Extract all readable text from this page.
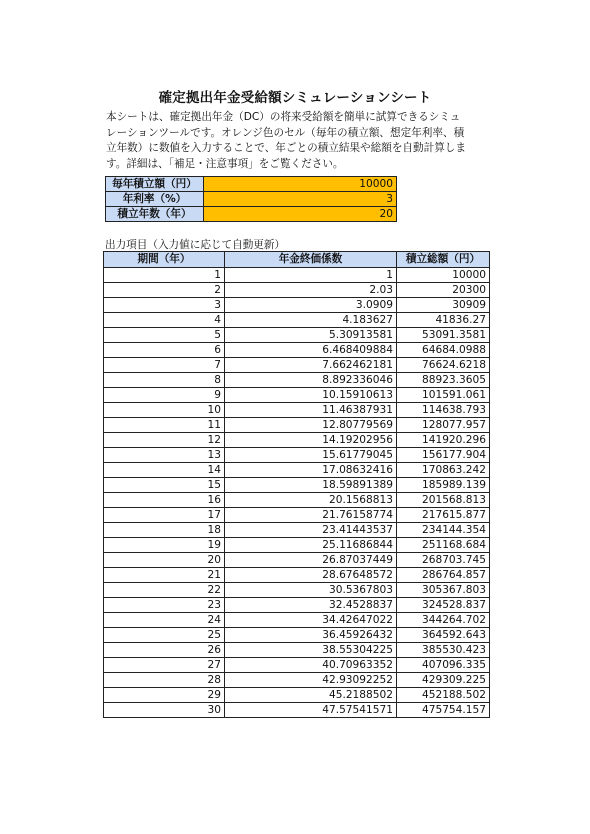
確定拠出年金受給額シミュレーションシート

本シートは、確定拠出年金（DC）の将来受給額を簡単に試算できるシミュ

レーションツールです。オレンジ色のセル（毎年の積立額、想定年利率、積

立年数）に数値を入力することで、年ごとの積立結果や総額を自動計算しま

す。詳細は、「補足・注意事項」をご覧ください。

毎年積立額（円）	10000
年利率（%）	3
積立年数（年）	20
出力項目（入力値に応じて自動更新）
期間（年）	年金終価係数	積立総額（円）
1	1	10000
2	2.03	20300
3	3.0909	30909
4	4.183627	41836.27
5	5.30913581	53091.3581
6	6.468409884	64684.0988
7	7.662462181	76624.6218
8	8.892336046	88923.3605
9	10.15910613	101591.061
10	11.46387931	114638.793
11	12.80779569	128077.957
12	14.19202956	141920.296
13	15.61779045	156177.904
14	17.08632416	170863.242
15	18.59891389	185989.139
16	20.1568813	201568.813
17	21.76158774	217615.877
18	23.41443537	234144.354
19	25.11686844	251168.684
20	26.87037449	268703.745
21	28.67648572	286764.857
22	30.5367803	305367.803
23	32.4528837	324528.837
24	34.42647022	344264.702
25	36.45926432	364592.643
26	38.55304225	385530.423
27	40.70963352	407096.335
28	42.93092252	429309.225
29	45.2188502	452188.502
30	47.57541571	475754.157
